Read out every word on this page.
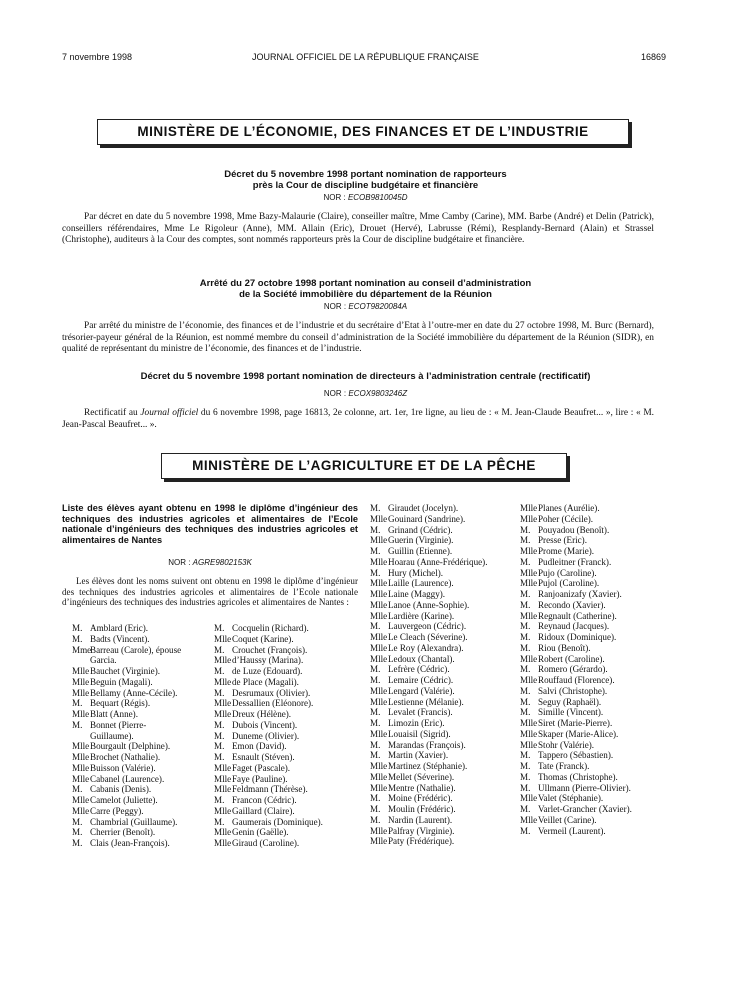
7 novembre 1998	JOURNAL OFFICIEL DE LA RÉPUBLIQUE FRANÇAISE	16869
MINISTÈRE DE L’ÉCONOMIE, DES FINANCES ET DE L’INDUSTRIE
Décret du 5 novembre 1998 portant nomination de rapporteurs
près la Cour de discipline budgétaire et financière
NOR : ECOB9810045D
Par décret en date du 5 novembre 1998, Mme Bazy-Malaurie (Claire), conseiller maître, Mme Camby (Carine), MM. Barbe (André) et Delin (Patrick), conseillers référendaires, Mme Le Rigoleur (Anne), MM. Allain (Eric), Drouet (Hervé), Labrusse (Rémi), Resplandy-Bernard (Alain) et Strassel (Christophe), auditeurs à la Cour des comptes, sont nommés rapporteurs près la Cour de discipline budgétaire et financière.
Arrêté du 27 octobre 1998 portant nomination au conseil d’administration
de la Société immobilière du département de la Réunion
NOR : ECOT9820084A
Par arrêté du ministre de l’économie, des finances et de l’industrie et du secrétaire d’Etat à l’outre-mer en date du 27 octobre 1998, M. Burc (Bernard), trésorier-payeur général de la Réunion, est nommé membre du conseil d’administration de la Société immobilière du département de la Réunion (SIDR), en qualité de représentant du ministre de l’économie, des finances et de l’industrie.
Décret du 5 novembre 1998 portant nomination de directeurs à l’administration centrale (rectificatif)
NOR : ECOX9803246Z
Rectificatif au Journal officiel du 6 novembre 1998, page 16813, 2e colonne, art. 1er, 1re ligne, au lieu de : « M. Jean-Claude Beaufret... », lire : « M. Jean-Pascal Beaufret... ».
MINISTÈRE DE L’AGRICULTURE ET DE LA PÊCHE
Liste des élèves ayant obtenu en 1998 le diplôme d’ingénieur des techniques des industries agricoles et alimentaires de l’Ecole nationale d’ingénieurs des techniques des industries agricoles et alimentaires de Nantes
NOR : AGRE9802153K
Les élèves dont les noms suivent ont obtenu en 1998 le diplôme d’ingénieur des techniques des industries agricoles et alimentaires de l’Ecole nationale d’ingénieurs des techniques des industries agricoles et alimentaires de Nantes :
M. Amblard (Eric).
M. Badts (Vincent).
MmeBarreau (Carole), épouse
Garcia.
MlleBauchet (Virginie).
MlleBeguin (Magali).
MlleBellamy (Anne-Cécile).
M. Bequart (Régis).
MlleBlatt (Anne).
M. Bonnet (Pierre-
Guillaume).
MlleBourgault (Delphine).
MlleBrochet (Nathalie).
MlleBuisson (Valérie).
MlleCabanel (Laurence).
M. Cabanis (Denis).
MlleCamelot (Juliette).
MlleCarre (Peggy).
M. Chambrial (Guillaume).
M. Cherrier (Benoît).
M. Clais (Jean-François).
M. Cocquelin (Richard).
MlleCoquet (Karine).
M. Crouchet (François).
Mlled’Haussy (Marina).
M. de Luze (Edouard).
Mllede Place (Magali).
M. Desrumaux (Olivier).
MlleDessallien (Eléonore).
MlleDreux (Hélène).
M. Dubois (Vincent).
M. Duneme (Olivier).
M. Emon (David).
M. Esnault (Stéven).
MlleFaget (Pascale).
MlleFaye (Pauline).
MlleFeldmann (Thérèse).
M. Francon (Cédric).
MlleGaillard (Claire).
M. Gaumerais (Dominique).
MlleGenin (Gaëlle).
MlleGiraud (Caroline).
M. Giraudet (Jocelyn).
MlleGouinard (Sandrine).
M. Grinand (Cédric).
MlleGuerin (Virginie).
M. Guillin (Etienne).
MlleHoarau (Anne-Frédérique).
M. Hury (Michel).
MlleLaille (Laurence).
MlleLaine (Maggy).
MlleLanoe (Anne-Sophie).
MlleLardière (Karine).
M. Lauvergeon (Cédric).
MlleLe Cleach (Séverine).
MlleLe Roy (Alexandra).
MlleLedoux (Chantal).
M. Lefrère (Cédric).
M. Lemaire (Cédric).
MlleLengard (Valérie).
MlleLestienne (Mélanie).
M. Levalet (Francis).
M. Limozin (Eric).
MlleLouaisil (Sigrid).
M. Marandas (François).
M. Martin (Xavier).
MlleMartinez (Stéphanie).
MlleMellet (Séverine).
MlleMentre (Nathalie).
M. Moine (Frédéric).
M. Moulin (Frédéric).
M. Nardin (Laurent).
MllePalfray (Virginie).
MllePaty (Frédérique).
MllePlanes (Aurélie).
MllePoher (Cécile).
M. Pouyadou (Benoît).
M. Presse (Eric).
MlleProme (Marie).
M. Pudleitner (Franck).
MllePujo (Caroline).
MllePujol (Caroline).
M. Ranjoanizafy (Xavier).
M. Recondo (Xavier).
MlleRegnault (Catherine).
M. Reynaud (Jacques).
M. Ridoux (Dominique).
M. Riou (Benoît).
MlleRobert (Caroline).
M. Romero (Gérardo).
MlleRouffaud (Florence).
M. Salvi (Christophe).
M. Seguy (Raphaël).
M. Simille (Vincent).
MlleSiret (Marie-Pierre).
MlleSkaper (Marie-Alice).
MlleStohr (Valérie).
M. Tappero (Sébastien).
M. Tate (Franck).
M. Thomas (Christophe).
M. Ullmann (Pierre-Olivier).
MlleValet (Stéphanie).
M. Varlet-Grancher (Xavier).
MlleVeillet (Carine).
M. Vermeil (Laurent).
